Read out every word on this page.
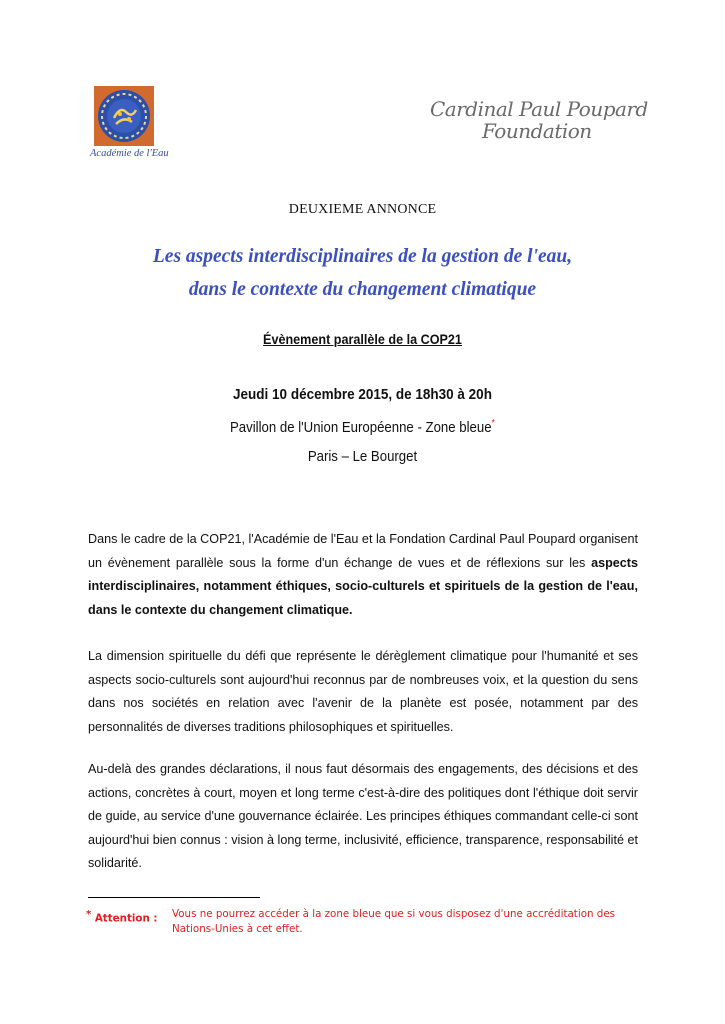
Académie de l'Eau
Cardinal Paul Poupard
Foundation
DEUXIEME ANNONCE
Les aspects interdisciplinaires de la gestion de l'eau,
dans le contexte du changement climatique
Évènement parallèle de la COP21
Jeudi 10 décembre 2015, de 18h30 à 20h
Pavillon de l'Union Européenne - Zone bleue*
Paris – Le Bourget
Dans le cadre de la COP21, l'Académie de l'Eau et la Fondation Cardinal Paul Poupard organisent un évènement parallèle sous la forme d'un échange de vues et de réflexions sur les aspects interdisciplinaires, notamment éthiques, socio-culturels et spirituels de la gestion de l'eau, dans le contexte du changement climatique.
La dimension spirituelle du défi que représente le dérèglement climatique pour l'humanité et ses aspects socio-culturels sont aujourd'hui reconnus par de nombreuses voix, et la question du sens dans nos sociétés en relation avec l'avenir de la planète est posée, notamment par des personnalités de diverses traditions philosophiques et spirituelles.
Au-delà des grandes déclarations, il nous faut désormais des engagements, des décisions et des actions, concrètes à court, moyen et long terme c'est-à-dire des politiques dont l'éthique doit servir de guide, au service d'une gouvernance éclairée. Les principes éthiques commandant celle-ci sont aujourd'hui bien connus : vision à long terme, inclusivité, efficience, transparence, responsabilité et solidarité.
* Attention : Vous ne pourrez accéder à la zone bleue que si vous disposez d'une accréditation des Nations-Unies à cet effet.
